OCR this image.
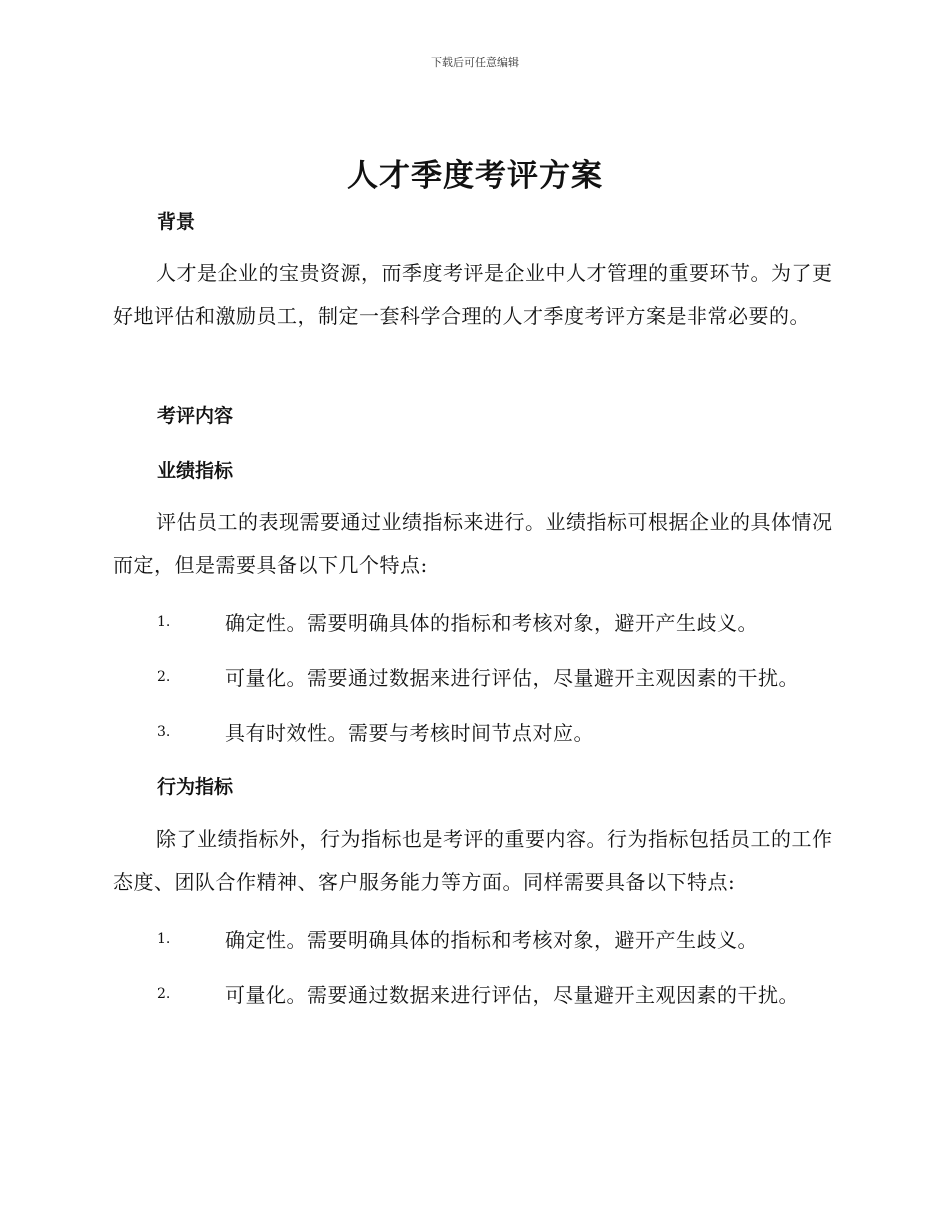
下载后可任意编辑
人才季度考评方案
背景

人才是企业的宝贵资源，而季度考评是企业中人才管理的重要环节。为了更好地评估和激励员工，制定一套科学合理的人才季度考评方案是非常必要的。

考评内容
业绩指标

评估员工的表现需要通过业绩指标来进行。业绩指标可根据企业的具体情况而定，但是需要具备以下几个特点:

1.	确定性。需要明确具体的指标和考核对象，避开产生歧义。
2.	可量化。需要通过数据来进行评估，尽量避开主观因素的干扰。
3.	具有时效性。需要与考核时间节点对应。
行为指标

除了业绩指标外，行为指标也是考评的重要内容。行为指标包括员工的工作态度、团队合作精神、客户服务能力等方面。同样需要具备以下特点:

1.	确定性。需要明确具体的指标和考核对象，避开产生歧义。
2.	可量化。需要通过数据来进行评估，尽量避开主观因素的干扰。
